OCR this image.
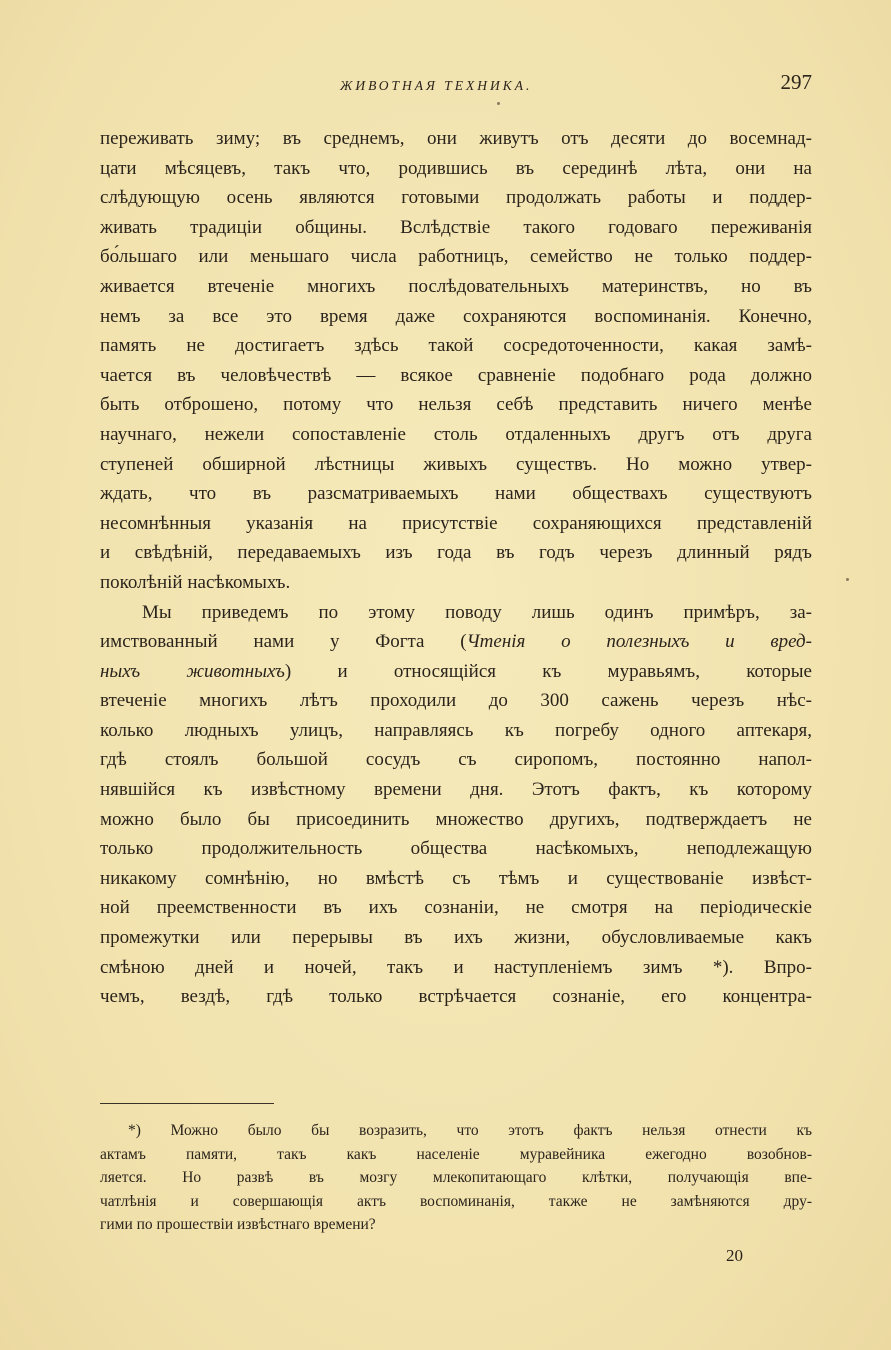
ЖИВОТНАЯ ТЕХНИКА.	297
переживать зиму; въ среднемъ, они живутъ отъ десяти до восемнад-
цати мѣсяцевъ, такъ что, родившись въ серединѣ лѣта, они на
слѣдующую осень являются готовыми продолжать работы и поддер-
живать традиціи общины. Вслѣдствіе такого годоваго переживанія
бо́льшаго или меньшаго числа работницъ, семейство не только поддер-
живается втеченіе многихъ послѣдовательныхъ материнствъ, но въ
немъ за все это время даже сохраняются воспоминанія. Конечно,
память не достигаетъ здѣсь такой сосредоточенности, какая замѣ-
чается въ человѣчествѣ — всякое сравненіе подобнаго рода должно
быть отброшено, потому что нельзя себѣ представить ничего менѣе
научнаго, нежели сопоставленіе столь отдаленныхъ другъ отъ друга
ступеней обширной лѣстницы живыхъ существъ. Но можно утвер-
ждать, что въ разсматриваемыхъ нами обществахъ существуютъ
несомнѣнныя указанія на присутствіе сохраняющихся представленій
и свѣдѣній, передаваемыхъ изъ года въ годъ черезъ длинный рядъ
поколѣній насѣкомыхъ.
Мы приведемъ по этому поводу лишь одинъ примѣръ, за-
имствованный нами у Фогта (Чтенія о полезныхъ и вред-
ныхъ животныхъ) и относящійся къ муравьямъ, которые
втеченіе многихъ лѣтъ проходили до 300 сажень черезъ нѣс-
колько людныхъ улицъ, направляясь къ погребу одного аптекаря,
гдѣ стоялъ большой сосудъ съ сиропомъ, постоянно напол-
нявшійся къ извѣстному времени дня. Этотъ фактъ, къ которому
можно было бы присоединить множество другихъ, подтверждаетъ не
только продолжительность общества насѣкомыхъ, неподлежащую
никакому сомнѣнію, но вмѣстѣ съ тѣмъ и существованіе извѣст-
ной преемственности въ ихъ сознаніи, не смотря на періодическіе
промежутки или перерывы въ ихъ жизни, обусловливаемые какъ
смѣною дней и ночей, такъ и наступленіемъ зимъ *). Впро-
чемъ, вездѣ, гдѣ только встрѣчается сознаніе, его концентра-
*) Можно было бы возразить, что этотъ фактъ нельзя отнести къ
актамъ памяти, такъ какъ населеніе муравейника ежегодно возобнов-
ляется. Но развѣ въ мозгу млекопитающаго клѣтки, получающія впе-
чатлѣнія и совершающія актъ воспоминанія, также не замѣняются дру-
гими по прошествіи извѣстнаго времени?
20
